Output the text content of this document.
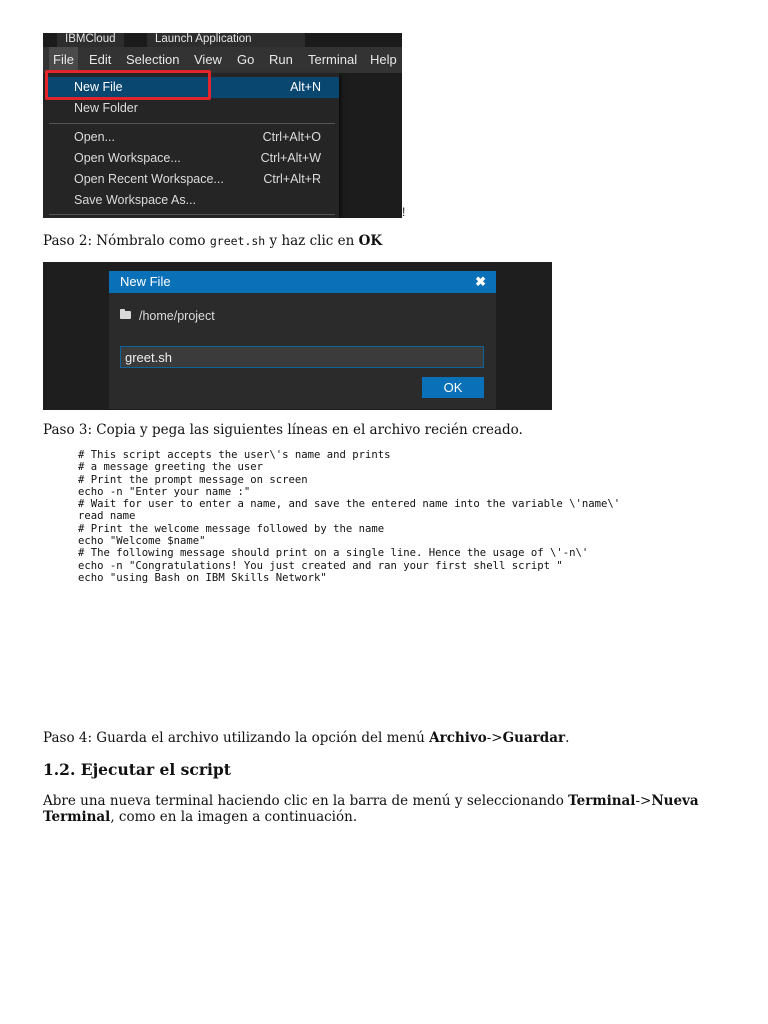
IBMCloud	Launch Application
File	Edit	Selection	View	Go	Run	Terminal Help
New File	Alt+N
New Folder
Open...	Ctrl+Alt+O
Open Workspace...	Ctrl+Alt+W
Open Recent Workspace...	Ctrl+Alt+R
Save Workspace As...
!
Paso 2: Nómbralo como greet.sh y haz clic en OK
New File	✖
/home/project
greet.sh
OK
Paso 3: Copia y pega las siguientes líneas en el archivo recién creado.
# This script accepts the user\'s name and prints
# a message greeting the user
# Print the prompt message on screen
echo -n "Enter your name :"
# Wait for user to enter a name, and save the entered name into the variable \'name\'
read name
# Print the welcome message followed by the name
echo "Welcome $name"
# The following message should print on a single line. Hence the usage of \'-n\'
echo -n "Congratulations! You just created and ran your first shell script "
echo "using Bash on IBM Skills Network"
Paso 4: Guarda el archivo utilizando la opción del menú Archivo->Guardar.
1.2. Ejecutar el script
Abre una nueva terminal haciendo clic en la barra de menú y seleccionando Terminal->Nueva
Terminal, como en la imagen a continuación.
